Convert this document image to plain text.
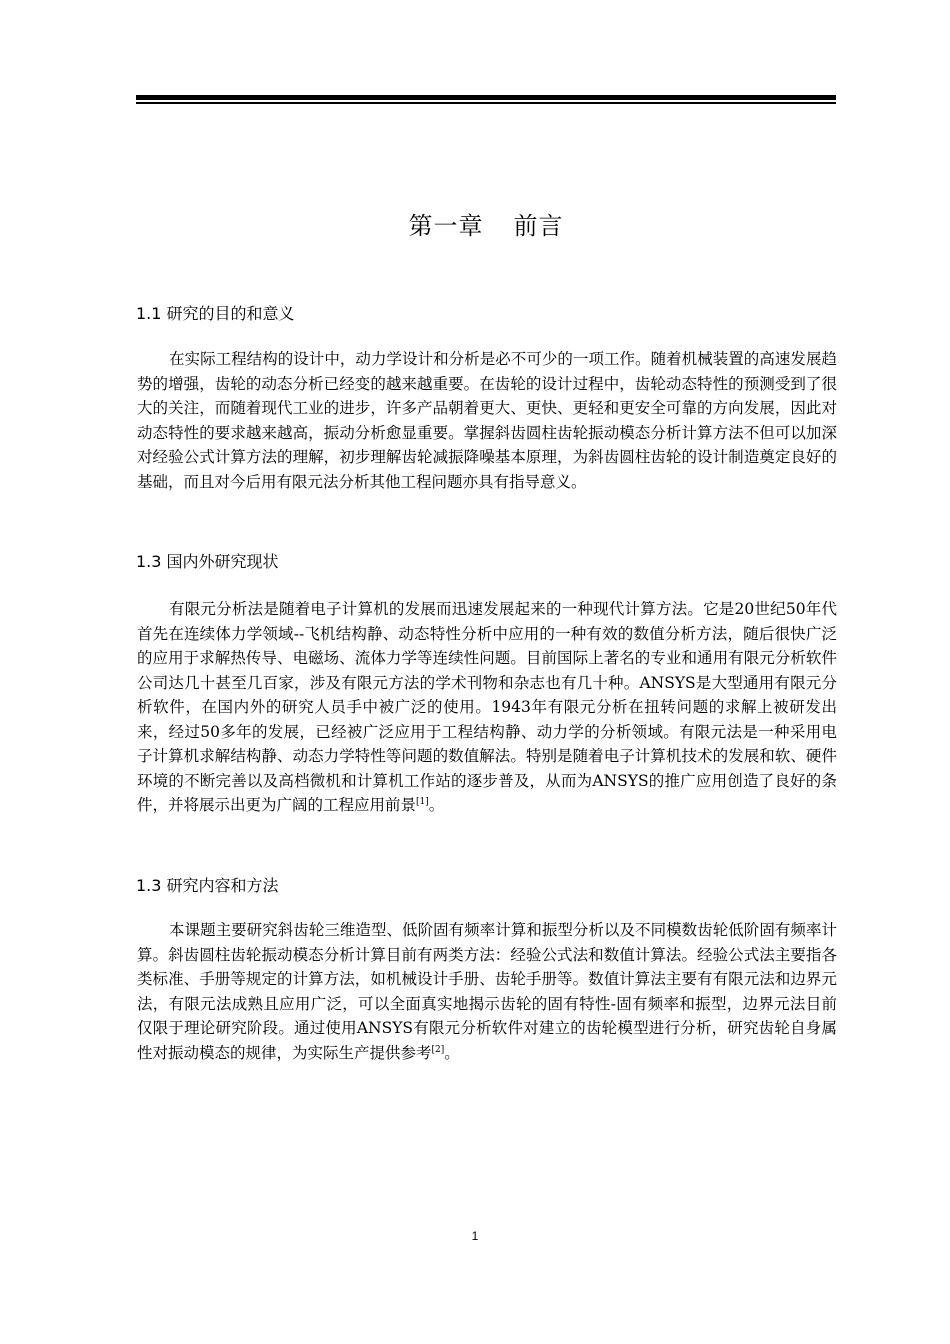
第一章 前言
1.1 研究的目的和意义

在实际工程结构的设计中，动力学设计和分析是必不可少的一项工作。随着机械装置的高速发展趋势的增强，齿轮的动态分析已经变的越来越重要。在齿轮的设计过程中，齿轮动态特性的预测受到了很大的关注，而随着现代工业的进步，许多产品朝着更大、更快、更轻和更安全可靠的方向发展，因此对动态特性的要求越来越高，振动分析愈显重要。掌握斜齿圆柱齿轮振动模态分析计算方法不但可以加深对经验公式计算方法的理解，初步理解齿轮减振降噪基本原理，为斜齿圆柱齿轮的设计制造奠定良好的基础，而且对今后用有限元法分析其他工程问题亦具有指导意义。

1.3 国内外研究现状

有限元分析法是随着电子计算机的发展而迅速发展起来的一种现代计算方法。它是20世纪50年代首先在连续体力学领域--飞机结构静、动态特性分析中应用的一种有效的数值分析方法，随后很快广泛的应用于求解热传导、电磁场、流体力学等连续性问题。目前国际上著名的专业和通用有限元分析软件公司达几十甚至几百家，涉及有限元方法的学术刊物和杂志也有几十种。ANSYS是大型通用有限元分析软件，在国内外的研究人员手中被广泛的使用。1943年有限元分析在扭转问题的求解上被研发出来，经过50多年的发展，已经被广泛应用于工程结构静、动力学的分析领域。有限元法是一种采用电子计算机求解结构静、动态力学特性等问题的数值解法。特别是随着电子计算机技术的发展和软、硬件环境的不断完善以及高档微机和计算机工作站的逐步普及，从而为ANSYS的推广应用创造了良好的条件，并将展示出更为广阔的工程应用前景[1]。

1.3 研究内容和方法

本课题主要研究斜齿轮三维造型、低阶固有频率计算和振型分析以及不同模数齿轮低阶固有频率计算。斜齿圆柱齿轮振动模态分析计算目前有两类方法：经验公式法和数值计算法。经验公式法主要指各类标准、手册等规定的计算方法，如机械设计手册、齿轮手册等。数值计算法主要有有限元法和边界元法，有限元法成熟且应用广泛，可以全面真实地揭示齿轮的固有特性-固有频率和振型，边界元法目前仅限于理论研究阶段。通过使用ANSYS有限元分析软件对建立的齿轮模型进行分析，研究齿轮自身属性对振动模态的规律，为实际生产提供参考[2]。

1
